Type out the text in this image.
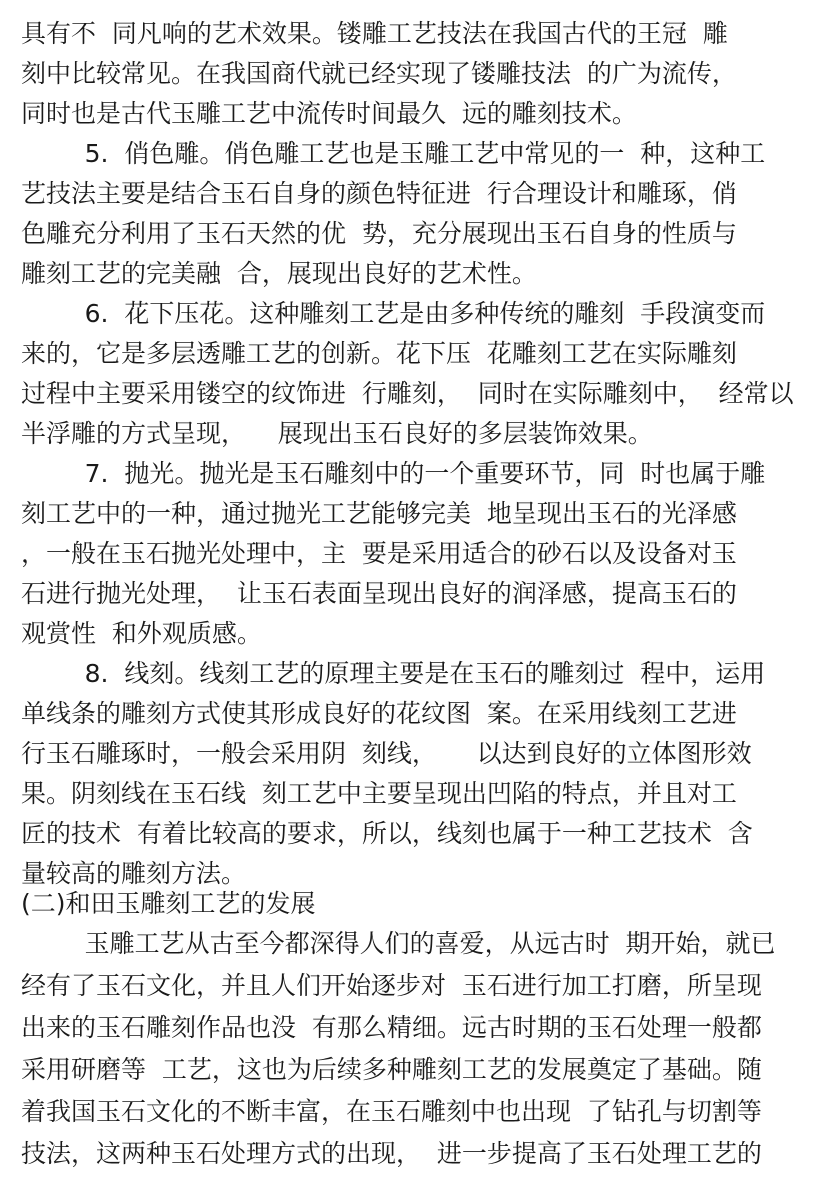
具有不  同凡响的艺术效果。镂雕工艺技法在我国古代的王冠  雕
刻中比较常见。在我国商代就已经实现了镂雕技法  的广为流传，
同时也是古代玉雕工艺中流传时间最久  远的雕刻技术。
5.  俏色雕。俏色雕工艺也是玉雕工艺中常见的一  种，这种工
艺技法主要是结合玉石自身的颜色特征进  行合理设计和雕琢，俏
色雕充分利用了玉石天然的优  势，充分展现出玉石自身的性质与
雕刻工艺的完美融  合，展现出良好的艺术性。
6.  花下压花。这种雕刻工艺是由多种传统的雕刻  手段演变而
来的，它是多层透雕工艺的创新。花下压  花雕刻工艺在实际雕刻
过程中主要采用镂空的纹饰进  行雕刻，  同时在实际雕刻中，  经常以
半浮雕的方式呈现，    展现出玉石良好的多层装饰效果。
7.  抛光。抛光是玉石雕刻中的一个重要环节，同  时也属于雕
刻工艺中的一种，通过抛光工艺能够完美  地呈现出玉石的光泽感
，一般在玉石抛光处理中，主  要是采用适合的砂石以及设备对玉
石进行抛光处理，  让玉石表面呈现出良好的润泽感，提高玉石的
观赏性  和外观质感。
8.  线刻。线刻工艺的原理主要是在玉石的雕刻过  程中，运用
单线条的雕刻方式使其形成良好的花纹图  案。在采用线刻工艺进
行玉石雕琢时，一般会采用阴  刻线，     以达到良好的立体图形效
果。阴刻线在玉石线  刻工艺中主要呈现出凹陷的特点，并且对工
匠的技术  有着比较高的要求，所以，线刻也属于一种工艺技术  含
量较高的雕刻方法。
(二)和田玉雕刻工艺的发展
玉雕工艺从古至今都深得人们的喜爱，从远古时  期开始，就已
经有了玉石文化，并且人们开始逐步对  玉石进行加工打磨，所呈现
出来的玉石雕刻作品也没  有那么精细。远古时期的玉石处理一般都
采用研磨等  工艺，这也为后续多种雕刻工艺的发展奠定了基础。随
着我国玉石文化的不断丰富，在玉石雕刻中也出现  了钻孔与切割等
技法，这两种玉石处理方式的出现，  进一步提高了玉石处理工艺的
